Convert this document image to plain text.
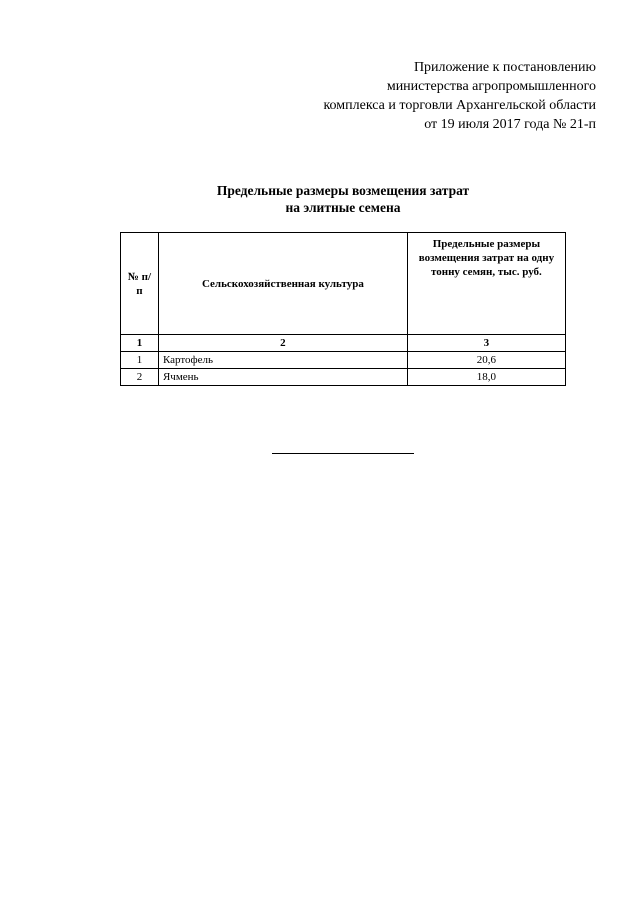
Приложение к постановлению
министерства агропромышленного
комплекса и торговли Архангельской области
от 19 июля 2017 года № 21-п
Предельные размеры возмещения затрат
на элитные семена
№ п/п	Сельскохозяйственная культура	Предельные размеры возмещения затрат на одну тонну семян, тыс. руб.
1	2	3
1	Картофель	20,6
2	Ячмень	18,0
